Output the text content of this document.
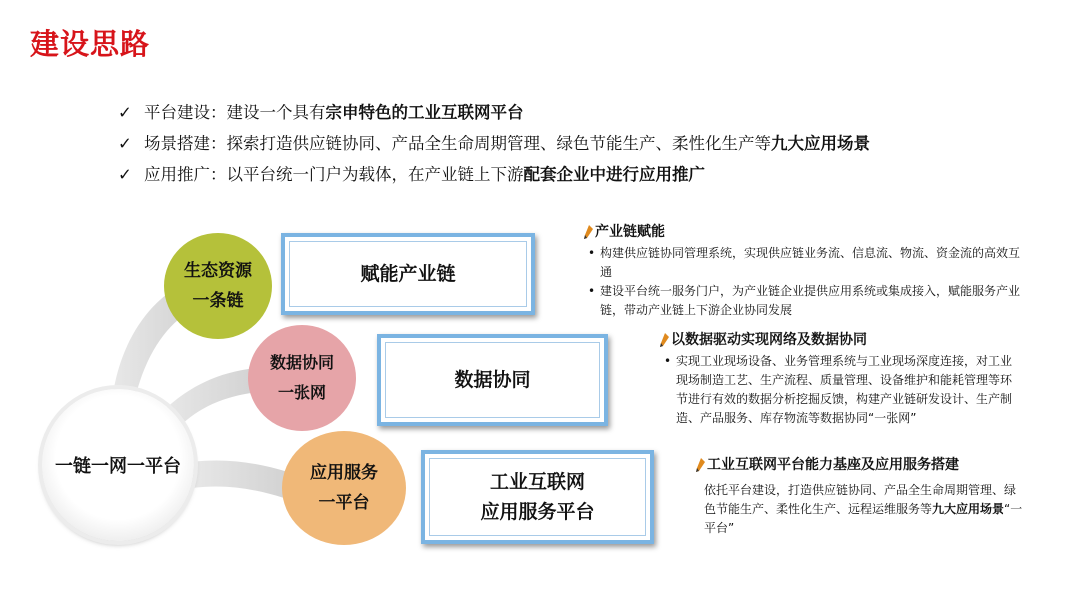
建设思路
✓ 平台建设：建设一个具有宗申特色的工业互联网平台
✓ 场景搭建：探索打造供应链协同、产品全生命周期管理、绿色节能生产、柔性化生产等九大应用场景
✓ 应用推广：以平台统一门户为载体，在产业链上下游配套企业中进行应用推广
生态资源
一条链
数据协同
一张网
应用服务
一平台
一链一网一平台
赋能产业链
数据协同
工业互联网
应用服务平台
产业链赋能
• 构建供应链协同管理系统，实现供应链业务流、信息流、物流、资金流的高效互通
• 建设平台统一服务门户，为产业链企业提供应用系统或集成接入，赋能服务产业链，带动产业链上下游企业协同发展
以数据驱动实现网络及数据协同
• 实现工业现场设备、业务管理系统与工业现场深度连接，对工业现场制造工艺、生产流程、质量管理、设备维护和能耗管理等环节进行有效的数据分析挖掘反馈，构建产业链研发设计、生产制造、产品服务、库存物流等数据协同“一张网”
工业互联网平台能力基座及应用服务搭建
依托平台建设，打造供应链协同、产品全生命周期管理、绿色节能生产、柔性化生产、远程运维服务等九大应用场景“一平台”
